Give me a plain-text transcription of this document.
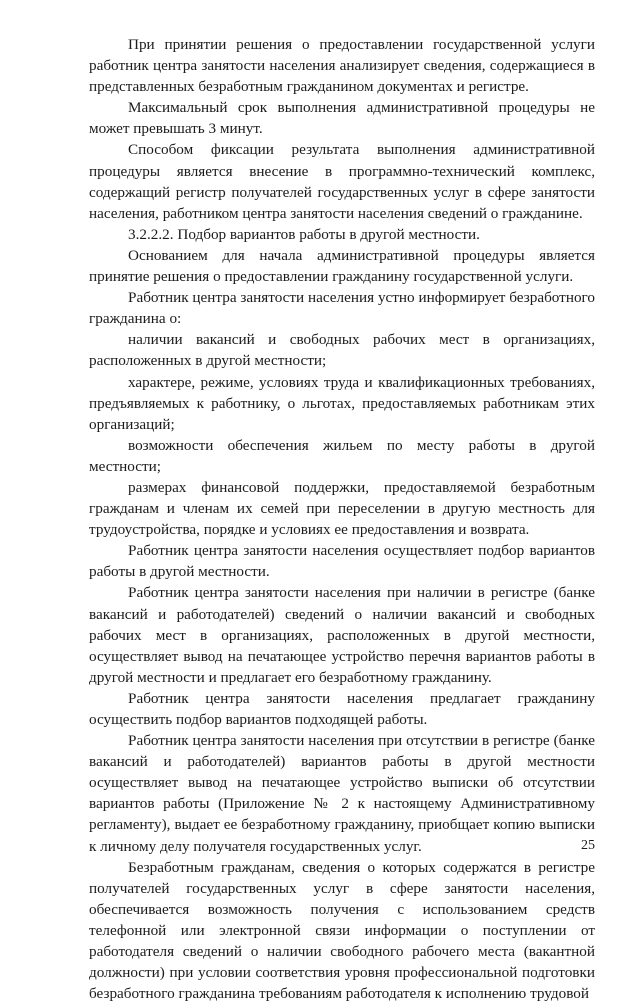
При принятии решения о предоставлении государственной услуги работник центра занятости населения анализирует сведения, содержащиеся в представленных безработным гражданином документах и регистре.

Максимальный срок выполнения административной процедуры не может превышать 3 минут.

Способом фиксации результата выполнения административной процедуры является внесение в программно-технический комплекс, содержащий регистр получателей государственных услуг в сфере занятости населения, работником центра занятости населения сведений о гражданине.

3.2.2.2. Подбор вариантов работы в другой местности.

Основанием для начала административной процедуры является принятие решения о предоставлении гражданину государственной услуги.

Работник центра занятости населения устно информирует безработного гражданина о:

наличии вакансий и свободных рабочих мест в организациях, расположенных в другой местности;

характере, режиме, условиях труда и квалификационных требованиях, предъявляемых к работнику, о льготах, предоставляемых работникам этих организаций;

возможности обеспечения жильем по месту работы в другой местности;

размерах финансовой поддержки, предоставляемой безработным гражданам и членам их семей при переселении в другую местность для трудоустройства, порядке и условиях ее предоставления и возврата.

Работник центра занятости населения осуществляет подбор вариантов работы в другой местности.

Работник центра занятости населения при наличии в регистре (банке вакансий и работодателей) сведений о наличии вакансий и свободных рабочих мест в организациях, расположенных в другой местности, осуществляет вывод на печатающее устройство перечня вариантов работы в другой местности и предлагает его безработному гражданину.

Работник центра занятости населения предлагает гражданину осуществить подбор вариантов подходящей работы.

Работник центра занятости населения при отсутствии в регистре (банке вакансий и работодателей) вариантов работы в другой местности осуществляет вывод на печатающее устройство выписки об отсутствии вариантов работы (Приложение № 2 к настоящему Административному регламенту), выдает ее безработному гражданину, приобщает копию выписки к личному делу получателя государственных услуг.

Безработным гражданам, сведения о которых содержатся в регистре получателей государственных услуг в сфере занятости населения, обеспечивается возможность получения с использованием средств телефонной или электронной связи информации о поступлении от работодателя сведений о наличии свободного рабочего места (вакантной должности) при условии соответствия уровня профессиональной подготовки безработного гражданина требованиям работодателя к исполнению трудовой

25
